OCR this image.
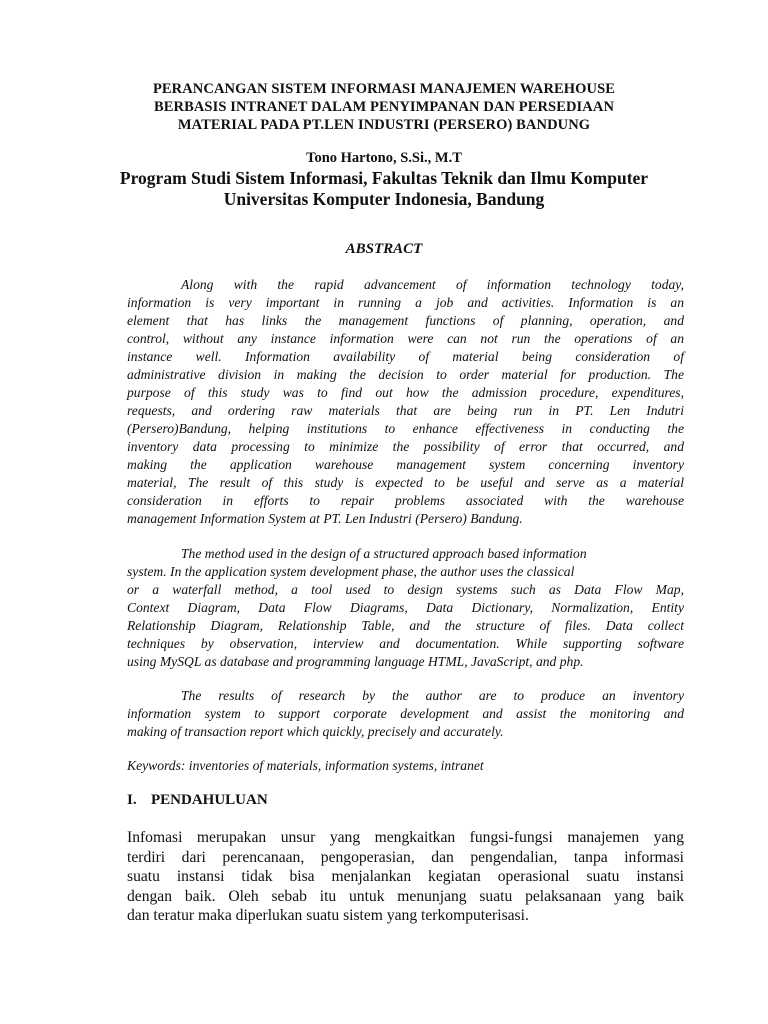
PERANCANGAN SISTEM INFORMASI MANAJEMEN WAREHOUSE
BERBASIS INTRANET DALAM PENYIMPANAN DAN PERSEDIAAN
MATERIAL PADA PT.LEN INDUSTRI (PERSERO) BANDUNG
Tono Hartono, S.Si., M.T
Program Studi Sistem Informasi, Fakultas Teknik dan Ilmu Komputer
Universitas Komputer Indonesia, Bandung
ABSTRACT
Along with the rapid advancement of information technology today,
information is very important in running a job and activities. Information is an
element that has links the management functions of planning, operation, and
control, without any instance information were can not run the operations of an
instance well. Information availability of material being consideration of
administrative division in making the decision to order material for production. The
purpose of this study was to find out how the admission procedure, expenditures,
requests, and ordering raw materials that are being run in PT. Len Indutri
(Persero)Bandung, helping institutions to enhance effectiveness in conducting the
inventory data processing to minimize the possibility of error that occurred, and
making the application warehouse management system concerning inventory
material, The result of this study is expected to be useful and serve as a material
consideration in efforts to repair problems associated with the warehouse
management Information System at PT. Len Industri (Persero) Bandung.
The method used in the design of a structured approach based information
system. In the application system development phase, the author uses the classical
or a waterfall method, a tool used to design systems such as Data Flow Map,
Context Diagram, Data Flow Diagrams, Data Dictionary, Normalization, Entity
Relationship Diagram, Relationship Table, and the structure of files. Data collect
techniques by observation, interview and documentation. While supporting software
using MySQL as database and programming language HTML, JavaScript, and php.
The results of research by the author are to produce an inventory
information system to support corporate development and assist the monitoring and
making of transaction report which quickly, precisely and accurately.
Keywords: inventories of materials, information systems, intranet
I. PENDAHULUAN
Infomasi merupakan unsur yang mengkaitkan fungsi-fungsi manajemen yang
terdiri dari perencanaan, pengoperasian, dan pengendalian, tanpa informasi
suatu instansi tidak bisa menjalankan kegiatan operasional suatu instansi
dengan baik. Oleh sebab itu untuk menunjang suatu pelaksanaan yang baik
dan teratur maka diperlukan suatu sistem yang terkomputerisasi.
